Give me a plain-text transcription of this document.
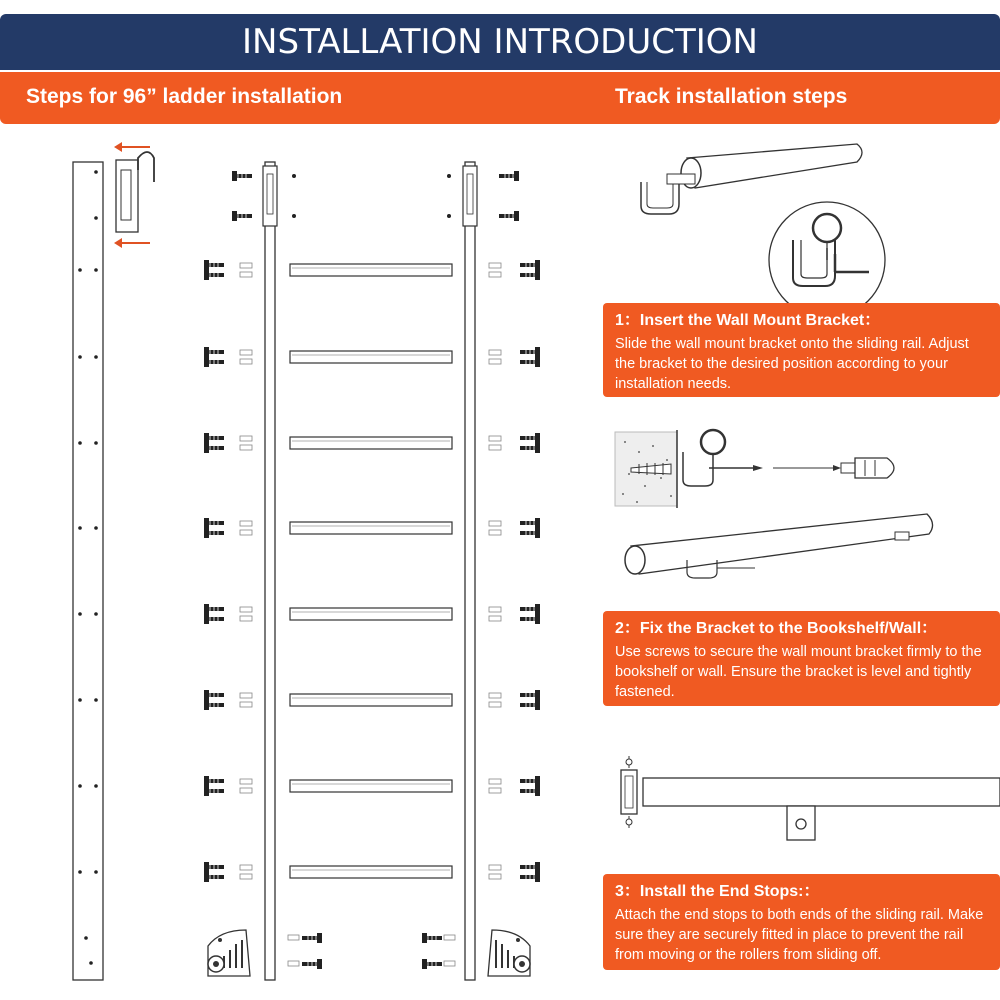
INSTALLATION INTRODUCTION
Steps for 96” ladder installation	Track installation steps
1：Insert the Wall Mount Bracket：
Slide the wall mount bracket onto the sliding rail. Adjust the bracket to the desired position according to your installation needs.
2：Fix the Bracket to the Bookshelf/Wall：
Use screws to secure the wall mount bracket firmly to the bookshelf or wall. Ensure the bracket is level and tightly fastened.
3：Install the End Stops:：
Attach the end stops to both ends of the sliding rail. Make sure they are securely fitted in place to prevent the rail from moving or the rollers from sliding off.
